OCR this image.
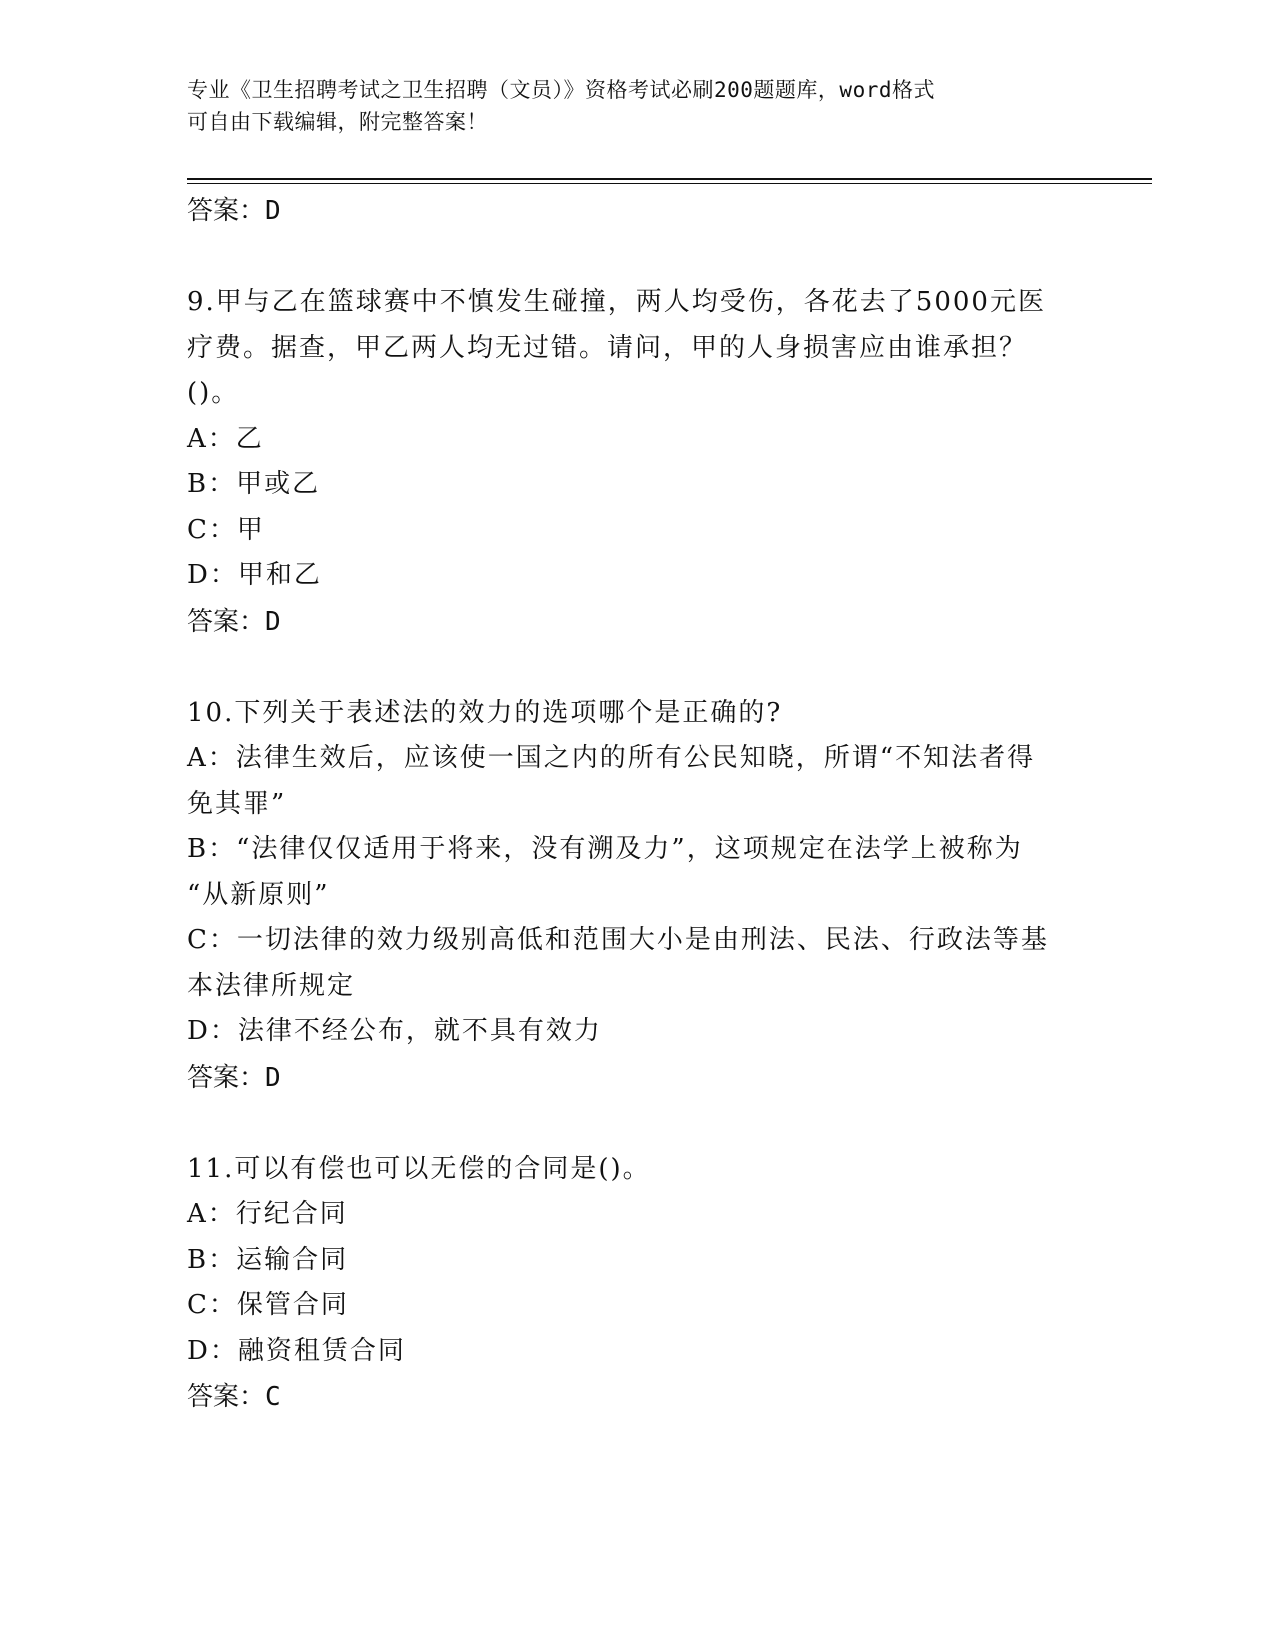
专业《卫生招聘考试之卫生招聘（文员）》资格考试必刷200题题库，word格式
可自由下载编辑，附完整答案！
答案：D
9.甲与乙在篮球赛中不慎发生碰撞，两人均受伤，各花去了5000元医
疗费。据查，甲乙两人均无过错。请问，甲的人身损害应由谁承担？
()。
A：乙
B：甲或乙
C：甲
D：甲和乙
答案：D
10.下列关于表述法的效力的选项哪个是正确的?
A：法律生效后，应该使一国之内的所有公民知晓，所谓“不知法者得
免其罪”
B：“法律仅仅适用于将来，没有溯及力”，这项规定在法学上被称为
“从新原则”
C：一切法律的效力级别高低和范围大小是由刑法、民法、行政法等基
本法律所规定
D：法律不经公布，就不具有效力
答案：D
11.可以有偿也可以无偿的合同是()。
A：行纪合同
B：运输合同
C：保管合同
D：融资租赁合同
答案：C
